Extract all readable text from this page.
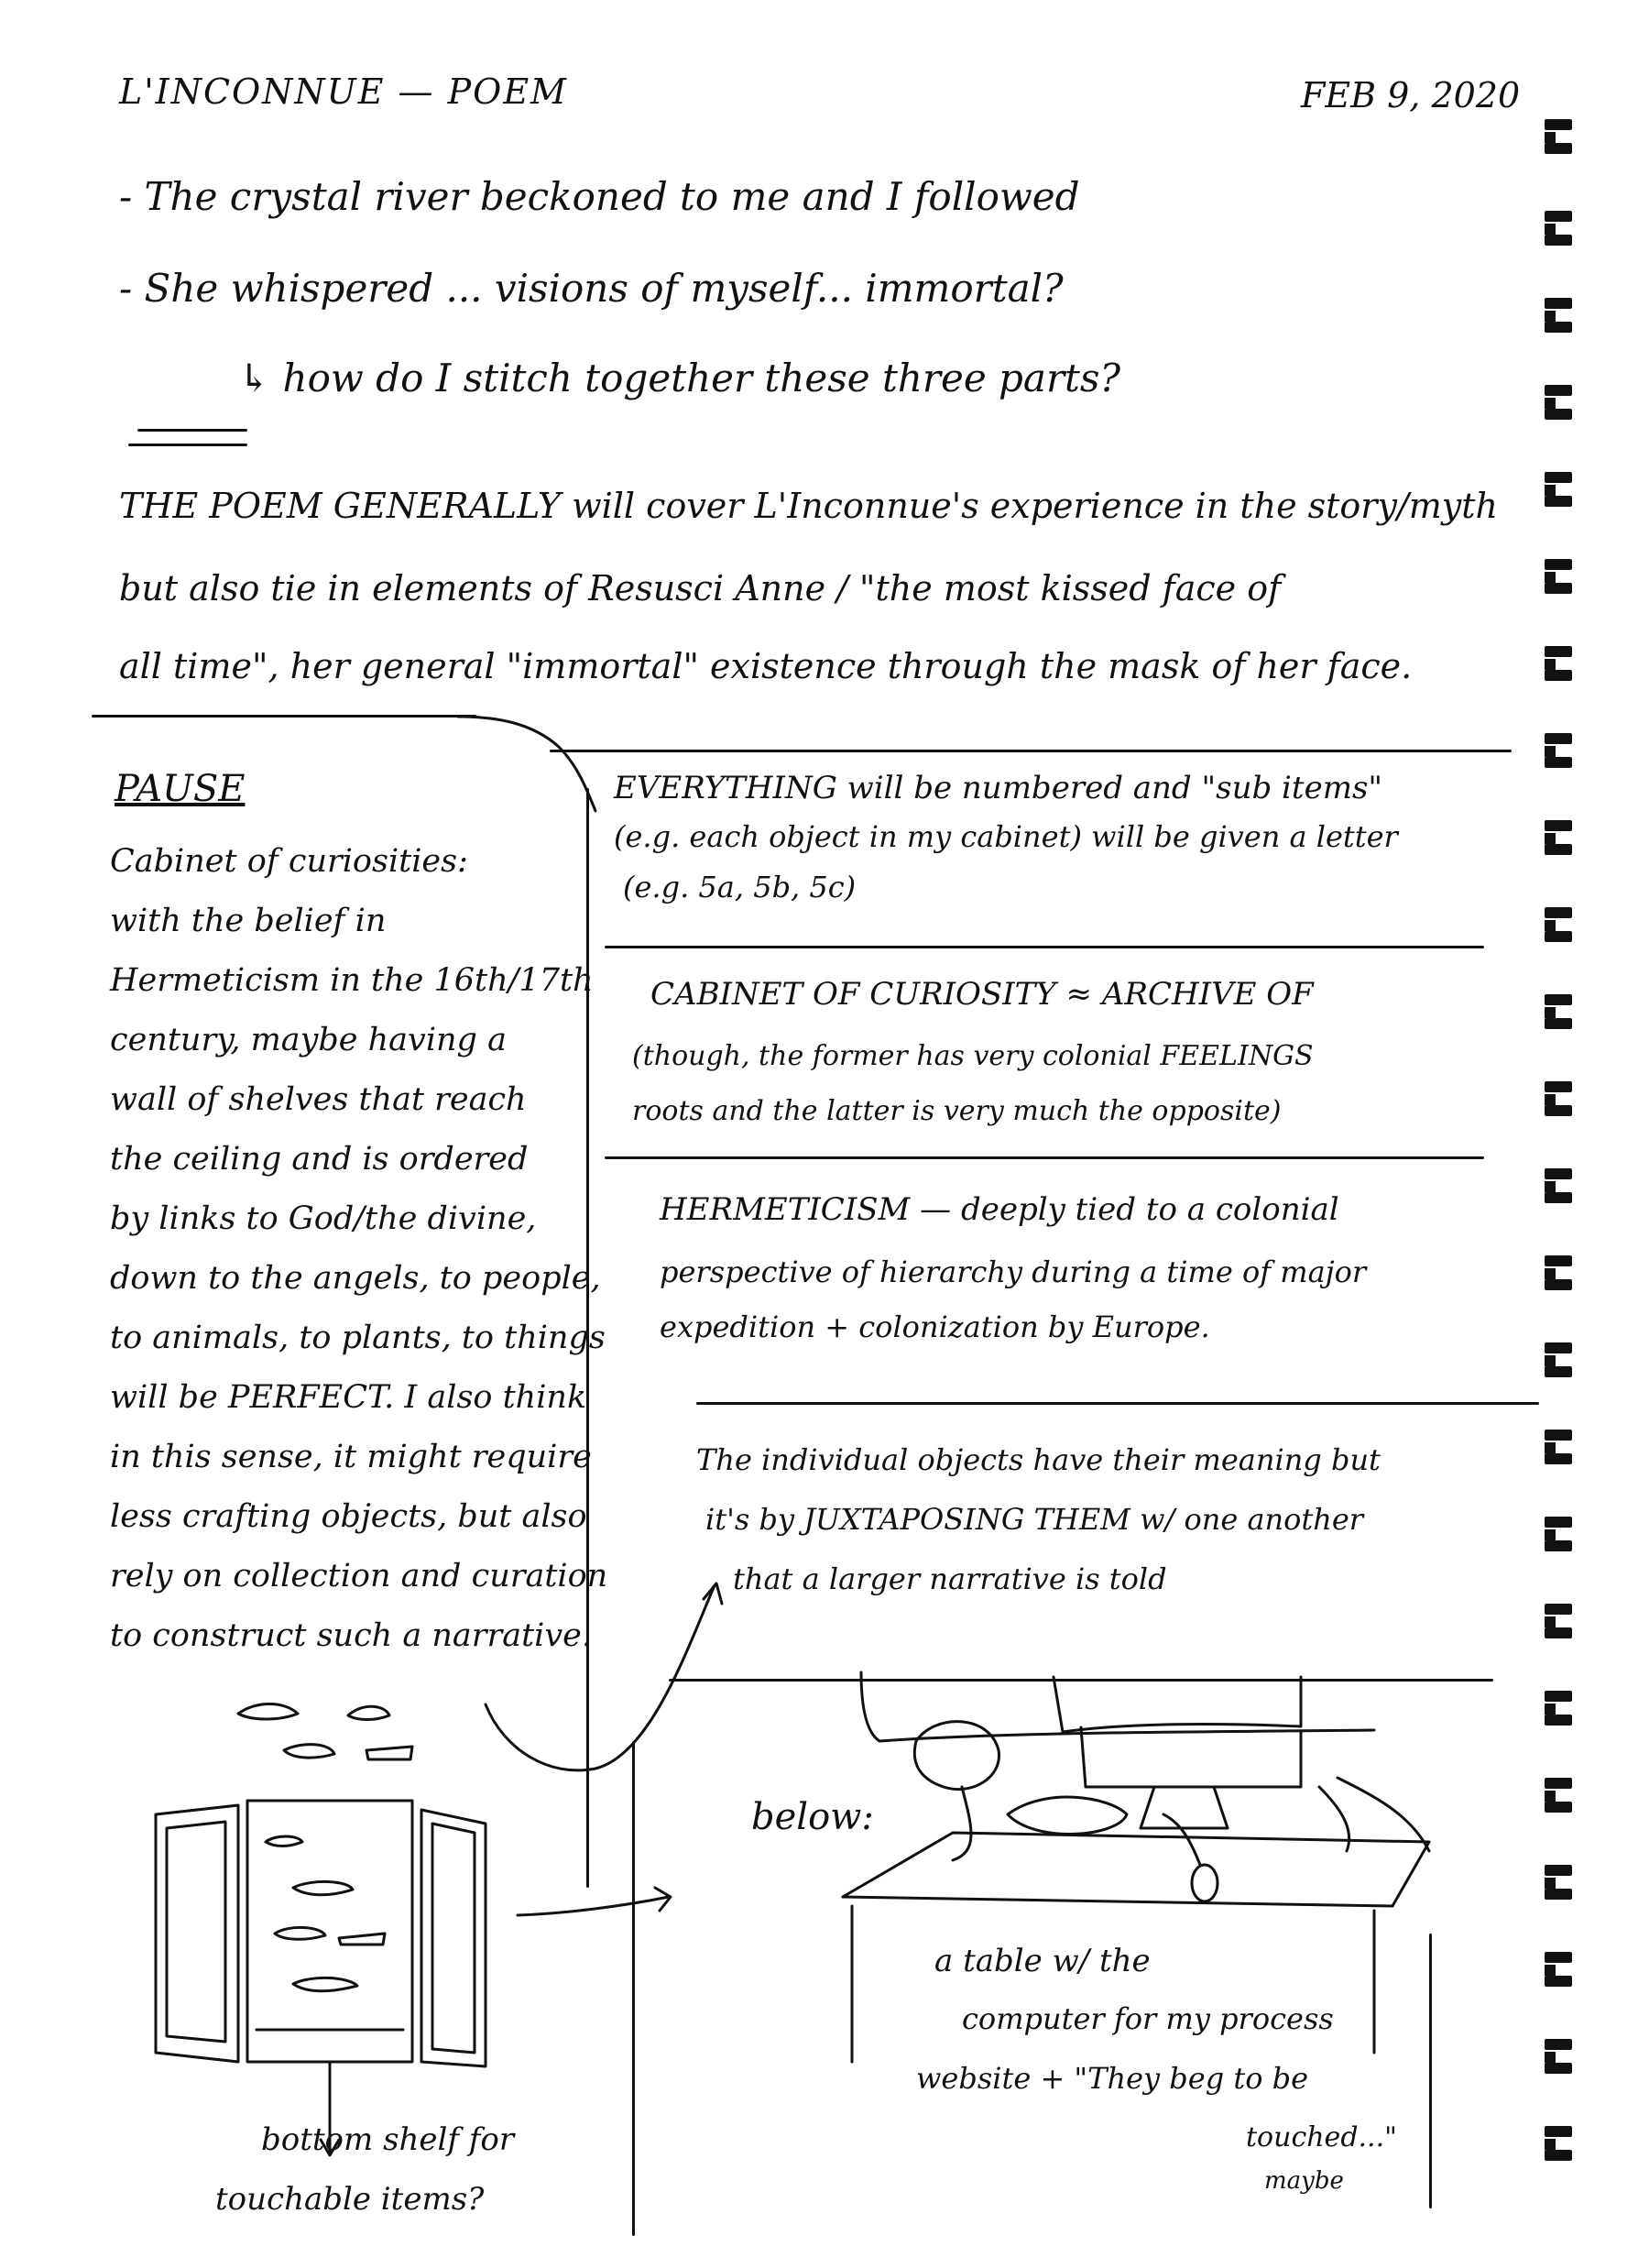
L'INCONNUE — POEM	FEB 9, 2020

- The crystal river beckoned to me and I followed

- She whispered ... visions of myself... immortal?

↳ how do I stitch together these three parts?

THE POEM GENERALLY will cover L'Inconnue's experience in the story/myth

but also tie in elements of Resusci Anne / "the most kissed face of

all time", her general "immortal" existence through the mask of her face.

PAUSE

Cabinet of curiosities:

with the belief in

Hermeticism in the 16th/17th

century, maybe having a

wall of shelves that reach

the ceiling and is ordered

by links to God/the divine,

down to the angels, to people,

to animals, to plants, to things

will be PERFECT. I also think

in this sense, it might require

less crafting objects, but also

rely on collection and curation

to construct such a narrative.

EVERYTHING will be numbered and "sub items"

(e.g. each object in my cabinet) will be given a letter

(e.g. 5a, 5b, 5c)

CABINET OF CURIOSITY ≈ ARCHIVE OF

(though, the former has very colonial FEELINGS

roots and the latter is very much the opposite)

HERMETICISM — deeply tied to a colonial

perspective of hierarchy during a time of major

expedition + colonization by Europe.

The individual objects have their meaning but

it's by JUXTAPOSING THEM w/ one another

that a larger narrative is told

bottom shelf for

touchable items?

below:

a table w/ the

computer for my process

website + "They beg to be

touched..."

maybe
